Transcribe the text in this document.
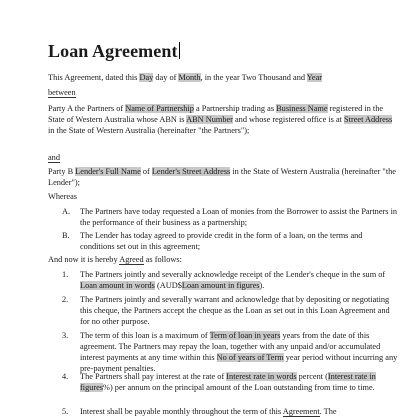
Loan Agreement

This Agreement, dated this Day day of Month, in the year Two Thousand and Year

between

Party A the Partners of Name of Partnership a Partnership trading as Business Name registered in the State of Western Australia whose ABN is ABN Number and whose registered office is at Street Address in the State of Western Australia (hereinafter "the Partners");

and

Party B Lender's Full Name of Lender's Street Address in the State of Western Australia (hereinafter "the Lender");

Whereas

A. The Partners have today requested a Loan of monies from the Borrower to assist the Partners in the performance of their business as a partnership;
B. The Lender has today agreed to provide credit in the form of a loan, on the terms and conditions set out in this agreement;

And now it is hereby Agreed as follows:

1. The Partners jointly and severally acknowledge receipt of the Lender's cheque in the sum of Loan amount in words (AUD$Loan amount in figures).
2. The Partners jointly and severally warrant and acknowledge that by depositing or negotiating this cheque, the Partners accept the cheque as the Loan as set out in this Loan Agreement and for no other purpose.
3. The term of this loan is a maximum of Term of loan in years years from the date of this agreement. The Partners may repay the loan, together with any unpaid and/or accumulated interest payments at any time within this No of years of Term year period without incurring any pre-payment penalties.
4. The Partners shall pay interest at the rate of Interest rate in words percent (Interest rate in figures%) per annum on the principal amount of the Loan outstanding from time to time.
5. Interest shall be payable monthly throughout the term of this Agreement. The
